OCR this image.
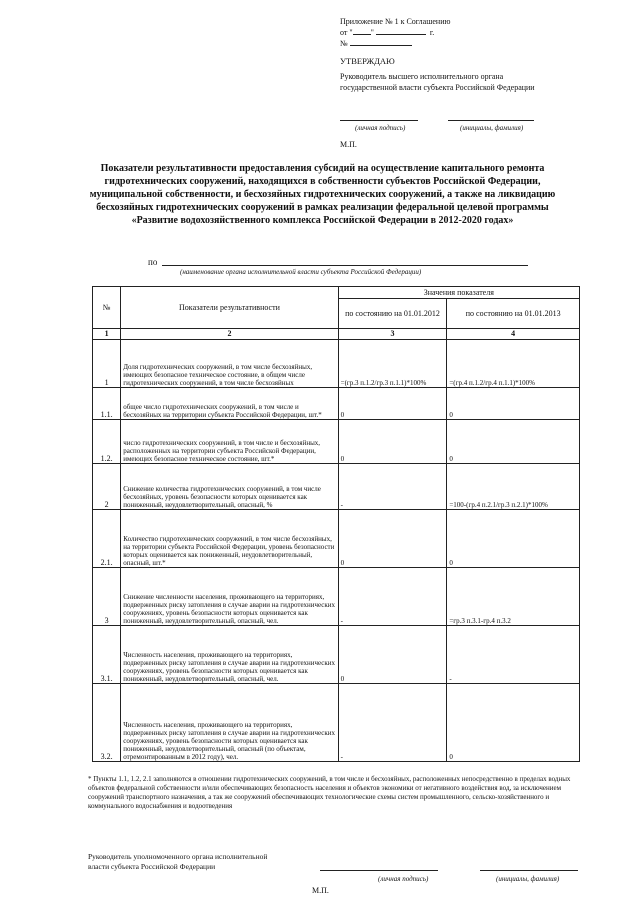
Приложение № 1 к Соглашению
от " "	г.
№
УТВЕРЖДАЮ
Руководитель высшего исполнительного органа
государственной власти субъекта Российской Федерации
(личная подпись)	(инициалы, фамилия)
М.П.
Показатели результативности предоставления субсидий на осуществление капитального ремонта гидротехнических сооружений, находящихся в собственности субъектов Российской Федерации, муниципальной собственности, и бесхозяйных гидротехнических сооружений, а также на ликвидацию бесхозяйных гидротехнических сооружений в рамках реализации федеральной целевой программы «Развитие водохозяйственного комплекса Российской Федерации в 2012-2020 годах»
по
(наименование органа исполнительной власти субъекта Российской Федерации)
№	Показатели результативности	Значения показателя	
		по состоянию на 01.01.2012	по состоянию на 01.01.2013
1	2	3	4
1	Доля гидротехнических сооружений, в том числе бесхозяйных, имеющих безопасное техническое состояние, в общем числе гидротехнических сооружений, в том числе бесхозяйных	=(гр.3 п.1.2/гр.3 п.1.1)*100%	=(гр.4 п.1.2/гр.4 п.1.1)*100%
1.1.	общее число гидротехнических сооружений, в том числе и бесхозяйных на территории субъекта Российской Федерации, шт.*	0	0
1.2.	число гидротехнических сооружений, в том числе и бесхозяйных, расположенных на территории субъекта Российской Федерации, имеющих безопасное техническое состояние, шт.*	0	0
2	Снижение количества гидротехнических сооружений, в том числе бесхозяйных, уровень безопасности которых оценивается как пониженный, неудовлетворительный, опасный, %	-	=100-(гр.4 п.2.1/гр.3 п.2.1)*100%
2.1.	Количество гидротехнических сооружений, в том числе бесхозяйных, на территории субъекта Российской Федерации, уровень безопасности которых оценивается как пониженный, неудовлетворительный, опасный, шт.*	0	0
3	Снижение численности населения, проживающего на территориях, подверженных риску затопления в случае аварии на гидротехнических сооружениях, уровень безопасности которых оценивается как пониженный, неудовлетворительный, опасный, чел.	-	=гр.3 п.3.1-гр.4 п.3.2
3.1.	Численность населения, проживающего на территориях, подверженных риску затопления в случае аварии на гидротехнических сооружениях, уровень безопасности которых оценивается как пониженный, неудовлетворительный, опасный, чел.	0	-
3.2.	Численность населения, проживающего на территориях, подверженных риску затопления в случае аварии на гидротехнических сооружениях, уровень безопасности которых оценивается как пониженный, неудовлетворительный, опасный (по объектам, отремонтированным в 2012 году), чел.	-	0
* Пункты 1.1, 1.2, 2.1 заполняются в отношении гидротехнических сооружений, в том числе и бесхозяйных, расположенных непосредственно в пределах водных объектов федеральной собственности и/или обеспечивающих безопасность населения и объектов экономики от негативного воздействия вод, за исключением сооружений транспортного назначения, а так же сооружений обеспечивающих технологические схемы систем промышленного, сельско-хозяйственного и коммунального водоснабжения и водоотведения
Руководитель уполномоченного органа исполнительной
власти субъекта Российской Федерации
(личная подпись)	(инициалы, фамилия)
М.П.
